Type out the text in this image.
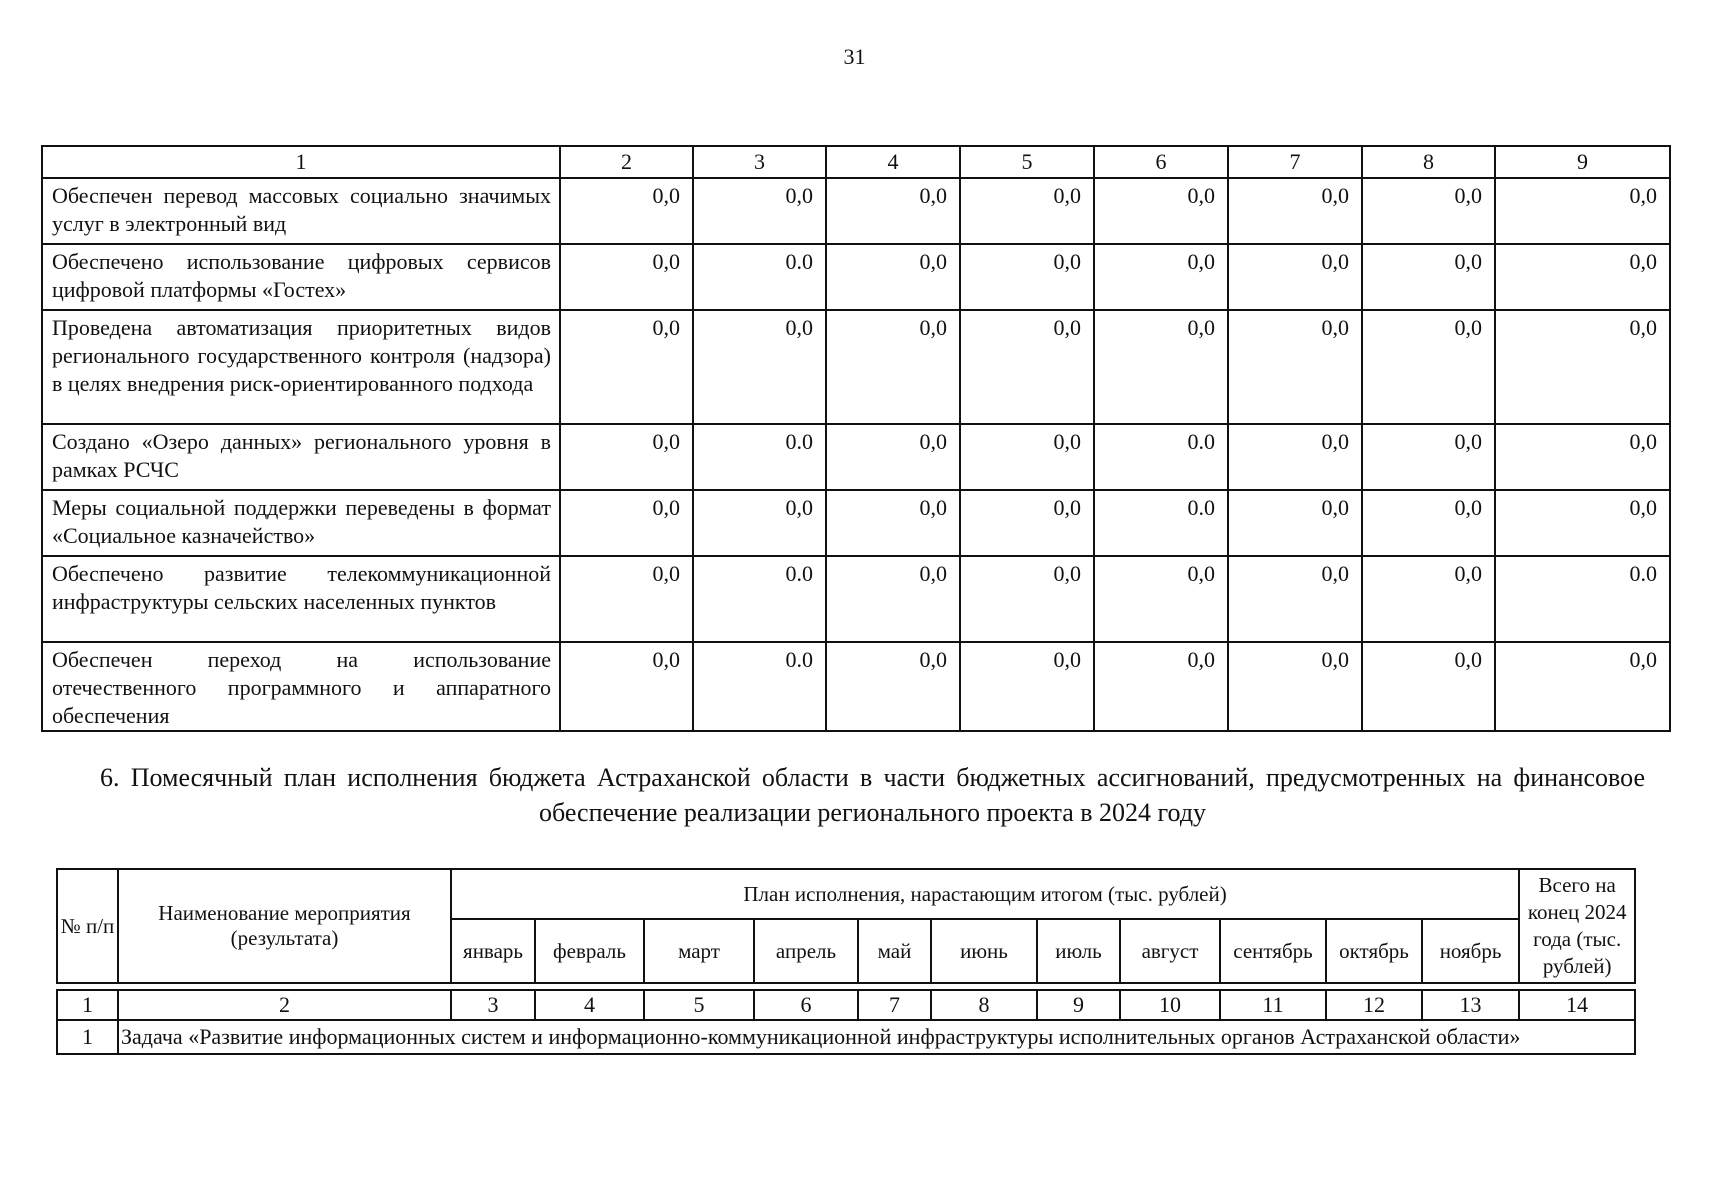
31
1	2	3	4	5	6	7	8	9
Обеспечен перевод массовых социально значимых услуг в электронный вид	0,0	0,0	0,0	0,0	0,0	0,0	0,0	0,0
Обеспечено использование цифровых сервисов цифровой платформы «Гостех»	0,0	0.0	0,0	0,0	0,0	0,0	0,0	0,0
Проведена автоматизация приоритетных видов регионального государственного контроля (надзора) в целях внедрения риск-ориентированного подхода	0,0	0,0	0,0	0,0	0,0	0,0	0,0	0,0
Создано «Озеро данных» регионального уровня в рамках РСЧС	0,0	0.0	0,0	0,0	0.0	0,0	0,0	0,0
Меры социальной поддержки переведены в формат «Социальное казначейство»	0,0	0,0	0,0	0,0	0.0	0,0	0,0	0,0
Обеспечено развитие телекоммуникационной инфраструктуры сельских населенных пунктов	0,0	0.0	0,0	0,0	0,0	0,0	0,0	0.0
Обеспечен переход на использование отечественного программного и аппаратного обеспечения	0,0	0.0	0,0	0,0	0,0	0,0	0,0	0,0
6. Помесячный план исполнения бюджета Астраханской области в части бюджетных ассигнований, предусмотренных на финансовое обеспечение реализации регионального проекта в 2024 году
№ п/п	Наименование мероприятия (результата)	План исполнения, нарастающим итогом (тыс. рублей)											Всего на конец 2024 года (тыс. рублей)
		январь	февраль	март	апрель	май	июнь	июль	август	сентябрь	октябрь	ноябрь	
1	2	3	4	5	6	7	8	9	10	11	12	13	14
1	Задача «Развитие информационных систем и информационно-коммуникационной инфраструктуры исполнительных органов Астраханской области»												
